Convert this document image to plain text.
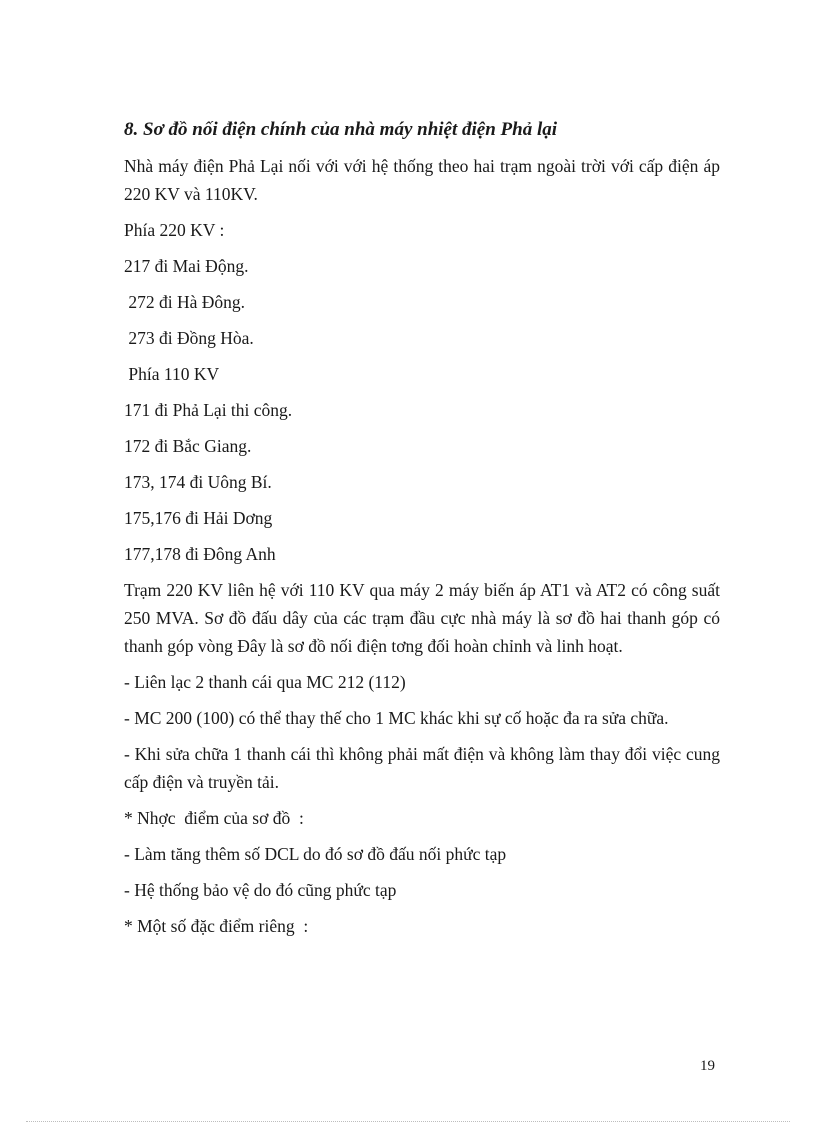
8. Sơ đồ nối điện chính của nhà máy nhiệt điện Phả lại

Nhà máy điện Phả Lại nối với với hệ thống theo hai trạm ngoài trời với cấp điện áp 220 KV và 110KV.

Phía 220 KV :

217 đi Mai Động.

272 đi Hà Đông.

273 đi Đồng Hòa.

Phía 110 KV

171 đi Phả Lại thi công.

172 đi Bắc Giang.

173, 174 đi Uông Bí.

175,176 đi Hải Dơng

177,178 đi Đông Anh

Trạm 220 KV liên hệ với 110 KV qua máy 2 máy biến áp AT1 và AT2 có công suất 250 MVA. Sơ đồ đấu dây của các trạm đầu cực nhà máy là sơ đồ hai thanh góp có thanh góp vòng Đây là sơ đồ nối điện tơng đối hoàn chỉnh và linh hoạt.

- Liên lạc 2 thanh cái qua MC 212 (112)

- MC 200 (100) có thể thay thế cho 1 MC khác khi sự cố hoặc đa ra sửa chữa.

- Khi sửa chữa 1 thanh cái thì không phải mất điện và không làm thay đổi việc cung cấp điện và truyền tải.

* Nhợc  điểm của sơ đồ  :

- Làm tăng thêm số DCL do đó sơ đồ đấu nối phức tạp

- Hệ thống bảo vệ do đó cũng phức tạp

* Một số đặc điểm riêng  :

19
